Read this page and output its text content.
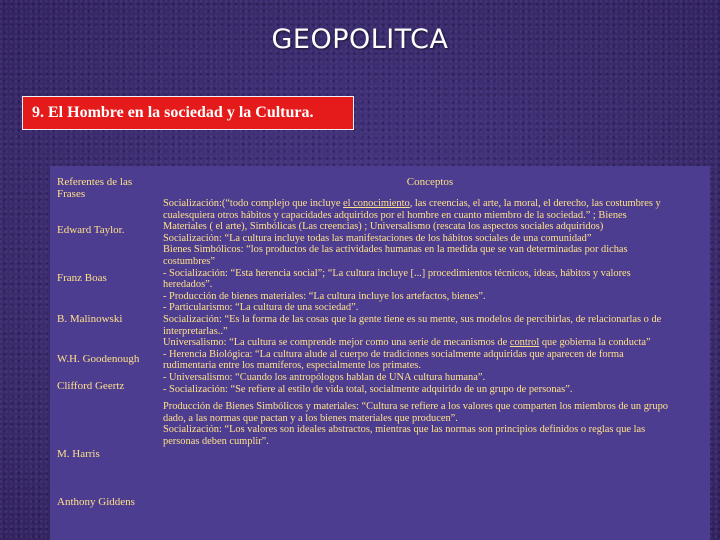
GEOPOLITCA
9. El Hombre en la sociedad y la Cultura.
Referentes de las Frases
Conceptos
Edward Taylor.
Franz Boas
B. Malinowski
W.H. Goodenough
Clifford Geertz
M. Harris
Anthony Giddens
Socialización:(“todo complejo que incluye el conocimiento, las creencias, el arte, la moral, el derecho, las costumbres y cualesquiera otros hábitos y capacidades adquiridos por el hombre en cuanto miembro de la sociedad.” ; Bienes Materiales ( el arte), Simbólicas (Las creencias) ; Universalismo (rescata los aspectos sociales adquiridos)
Socialización: “La cultura incluye todas las manifestaciones de los hábitos sociales de una comunidad”
Bienes Simbólicos: “los productos de las actividades humanas en la medida que se van determinadas por dichas costumbres”
- Socialización: “Esta herencia social”; “La cultura incluye [...] procedimientos técnicos, ideas, hábitos y valores heredados”.
- Producción de bienes materiales: “La cultura incluye los artefactos, bienes”.
- Particularismo: “La cultura de una sociedad”.
Socialización: “Es la forma de las cosas que la gente tiene es su mente, sus modelos de percibirlas, de relacionarlas o de interpretarlas..”
Universalismo: “La cultura se comprende mejor como una serie de mecanismos de control que gobierna la conducta”
- Herencia Biológica: “La cultura alude al cuerpo de tradiciones socialmente adquiridas que aparecen de forma rudimentaria entre los mamíferos, especialmente los primates.
- Universalismo: “Cuando los antropólogos hablan de UNA cultura humana”.
- Socialización: “Se refiere al estilo de vida total, socialmente adquirido de un grupo de personas”.
Producción de Bienes Simbólicos y materiales: “Cultura se refiere a los valores que comparten los miembros de un grupo dado, a las normas que pactan y a los bienes materiales que producen”.
Socialización: “Los valores son ideales abstractos, mientras que las normas son principios definidos o reglas que las personas deben cumplir”.
